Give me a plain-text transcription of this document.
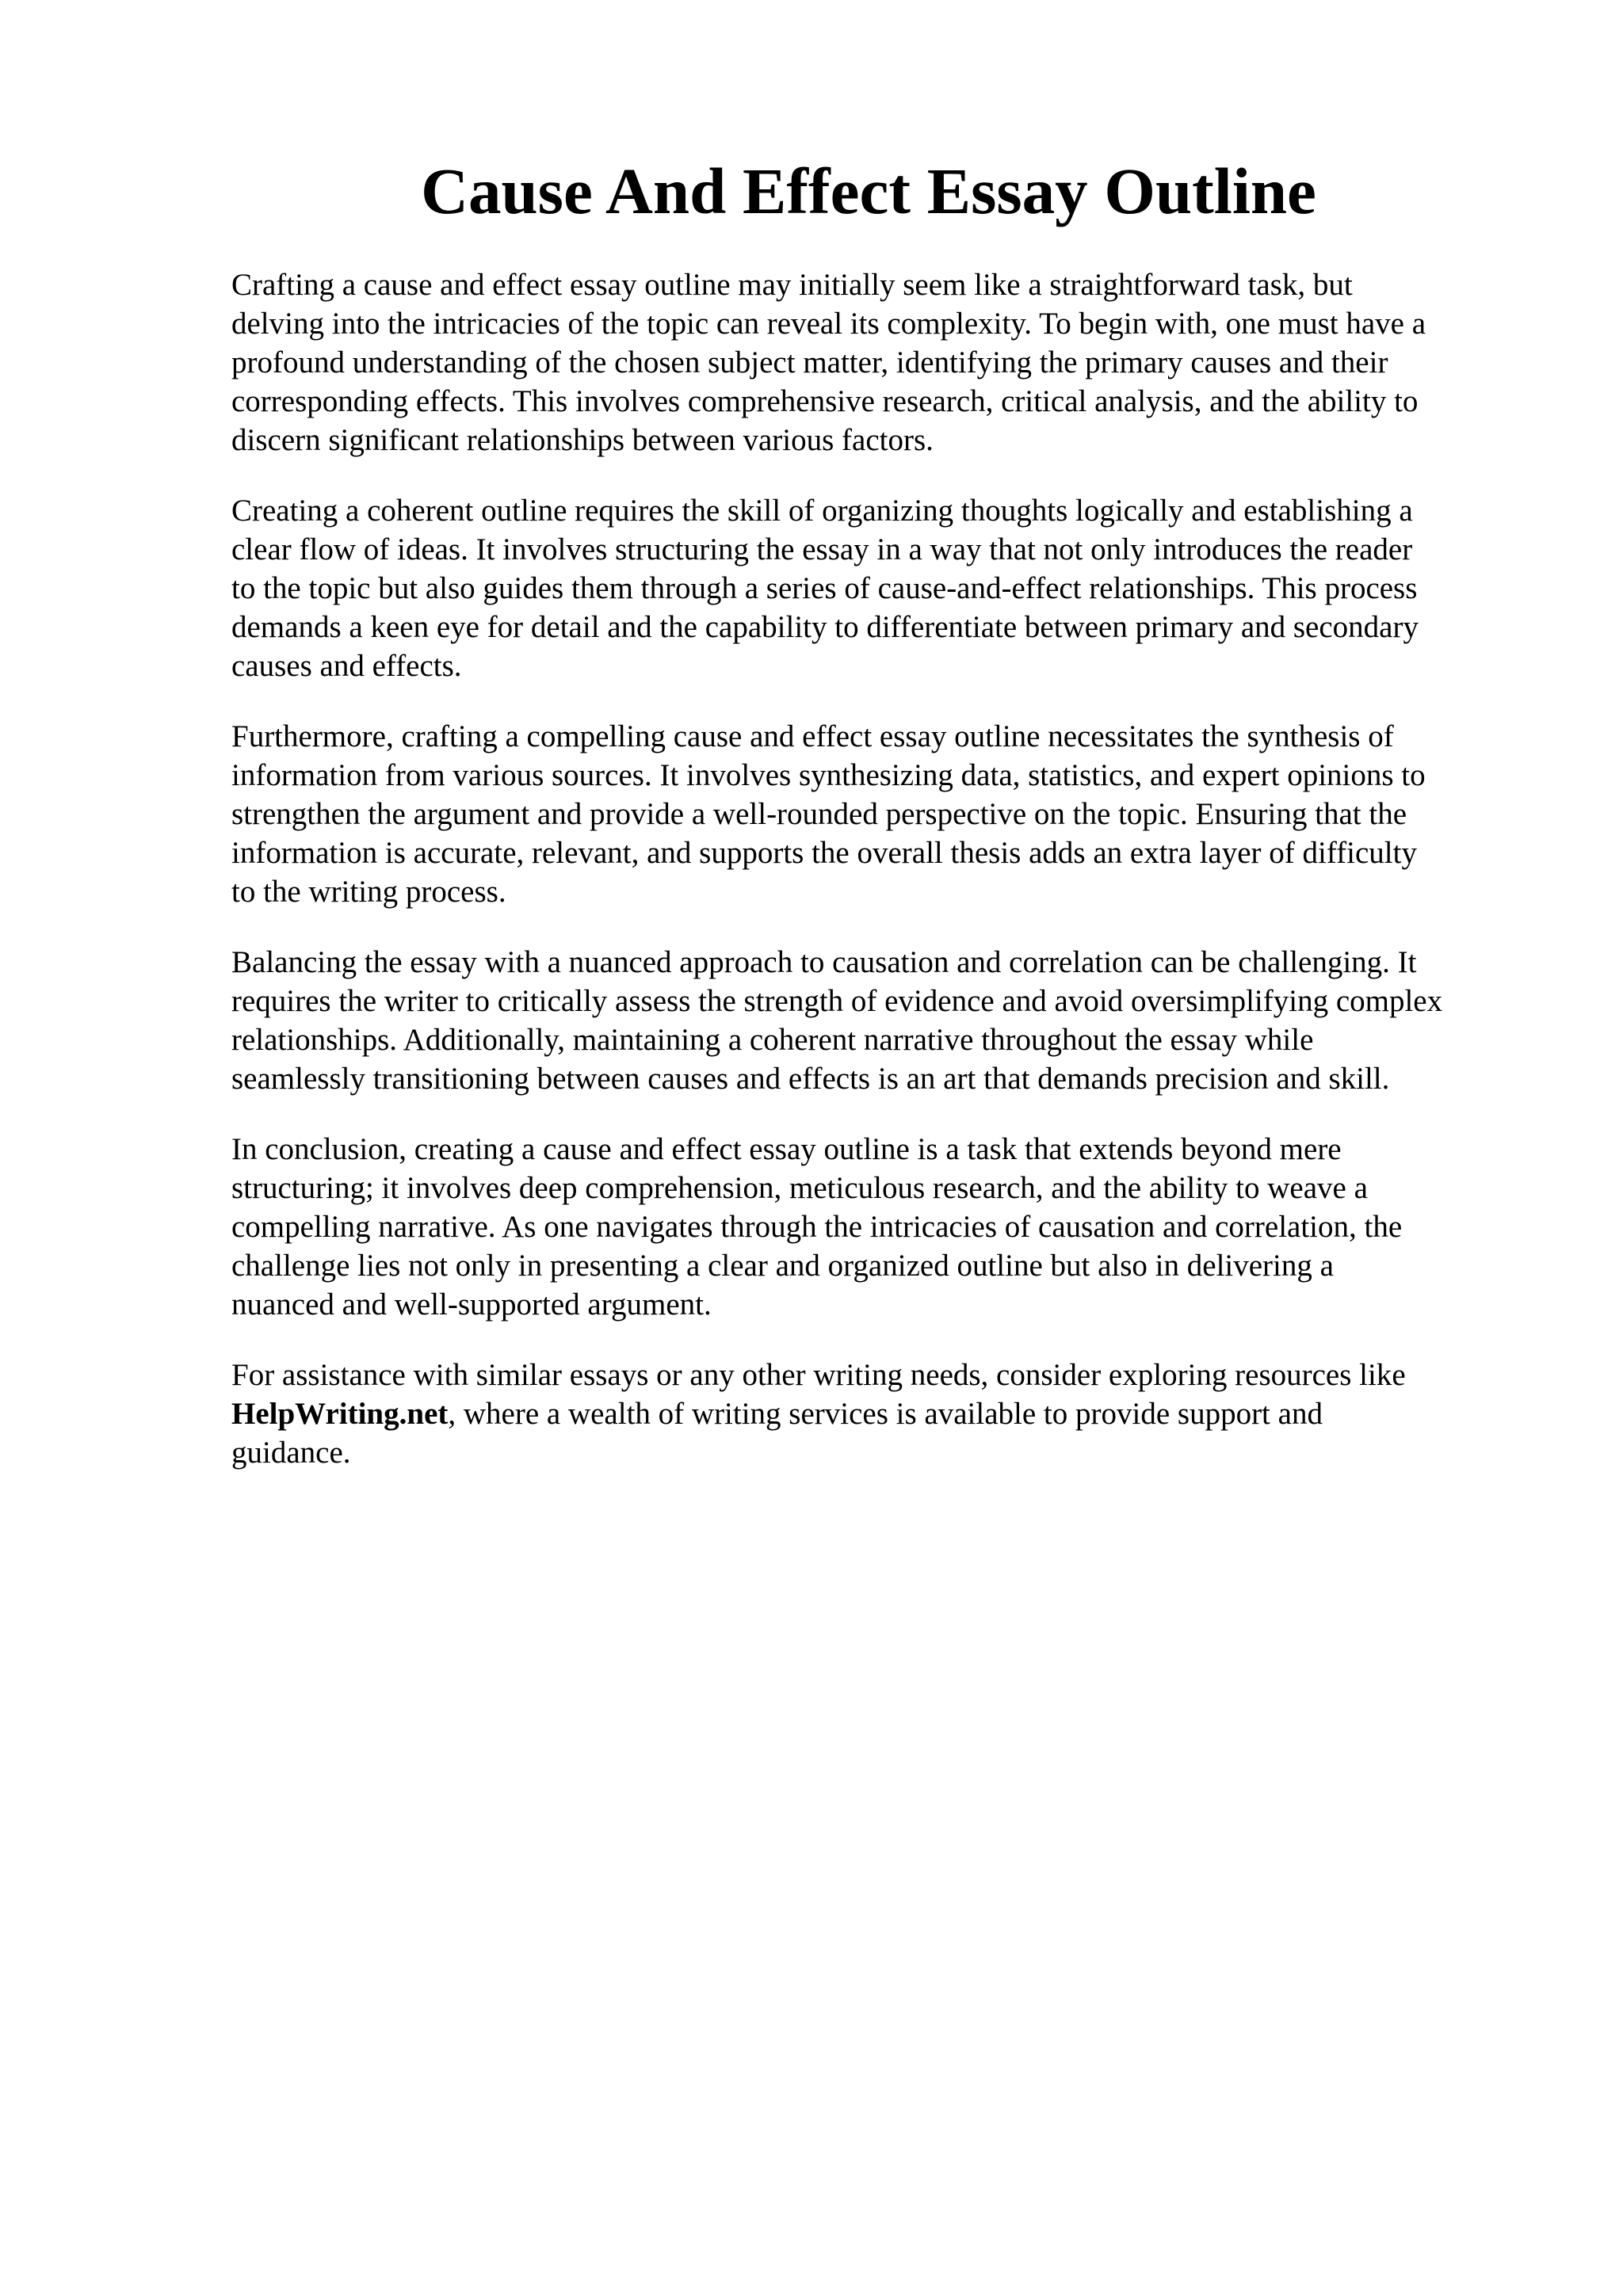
Cause And Effect Essay Outline

Crafting a cause and effect essay outline may initially seem like a straightforward task, but
delving into the intricacies of the topic can reveal its complexity. To begin with, one must have a
profound understanding of the chosen subject matter, identifying the primary causes and their
corresponding effects. This involves comprehensive research, critical analysis, and the ability to
discern significant relationships between various factors.

Creating a coherent outline requires the skill of organizing thoughts logically and establishing a
clear flow of ideas. It involves structuring the essay in a way that not only introduces the reader
to the topic but also guides them through a series of cause-and-effect relationships. This process
demands a keen eye for detail and the capability to differentiate between primary and secondary
causes and effects.

Furthermore, crafting a compelling cause and effect essay outline necessitates the synthesis of
information from various sources. It involves synthesizing data, statistics, and expert opinions to
strengthen the argument and provide a well-rounded perspective on the topic. Ensuring that the
information is accurate, relevant, and supports the overall thesis adds an extra layer of difficulty
to the writing process.

Balancing the essay with a nuanced approach to causation and correlation can be challenging. It
requires the writer to critically assess the strength of evidence and avoid oversimplifying complex
relationships. Additionally, maintaining a coherent narrative throughout the essay while
seamlessly transitioning between causes and effects is an art that demands precision and skill.

In conclusion, creating a cause and effect essay outline is a task that extends beyond mere
structuring; it involves deep comprehension, meticulous research, and the ability to weave a
compelling narrative. As one navigates through the intricacies of causation and correlation, the
challenge lies not only in presenting a clear and organized outline but also in delivering a
nuanced and well-supported argument.

For assistance with similar essays or any other writing needs, consider exploring resources like
HelpWriting.net, where a wealth of writing services is available to provide support and
guidance.
